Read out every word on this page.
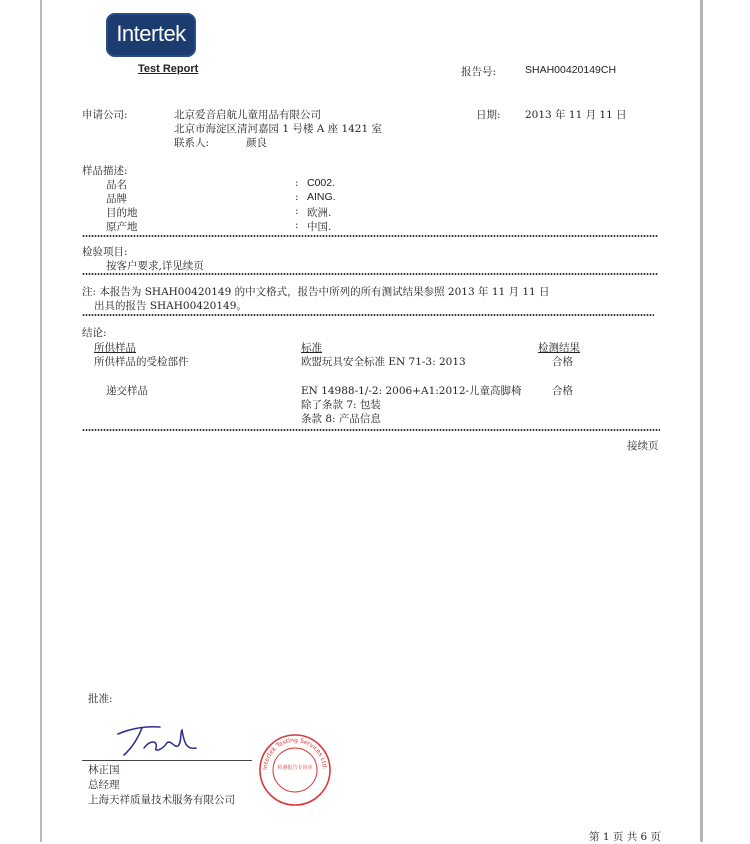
Intertek
Test Report	报告号:	SHAH00420149CH
申请公司:	北京爱音启航儿童用品有限公司
北京市海淀区清河嘉园 1 号楼 A 座 1421 室
联系人:	颜良
日期: 2013 年 11 月 11 日
样品描述:
品名	: C002.
品牌	: AING.
目的地	: 欧洲.
原产地	: 中国.
检验项目:
按客户要求,详见续页
注: 本报告为 SHAH00420149 的中文格式，报告中所列的所有测试结果参照 2013 年 11 月 11 日
出具的报告 SHAH00420149。
结论:
所供样品	标准	检测结果
所供样品的受检部件	欧盟玩具安全标准 EN 71-3: 2013	合格
递交样品	EN 14988-1/-2: 2006+A1:2012-儿童高脚椅	合格
除了条款 7: 包装
条款 8: 产品信息
接续页
批准:
林正国
总经理
上海天祥质量技术服务有限公司
Intertek Testing Services Ltd.
检测报告专用章
第 1 页 共 6 页
